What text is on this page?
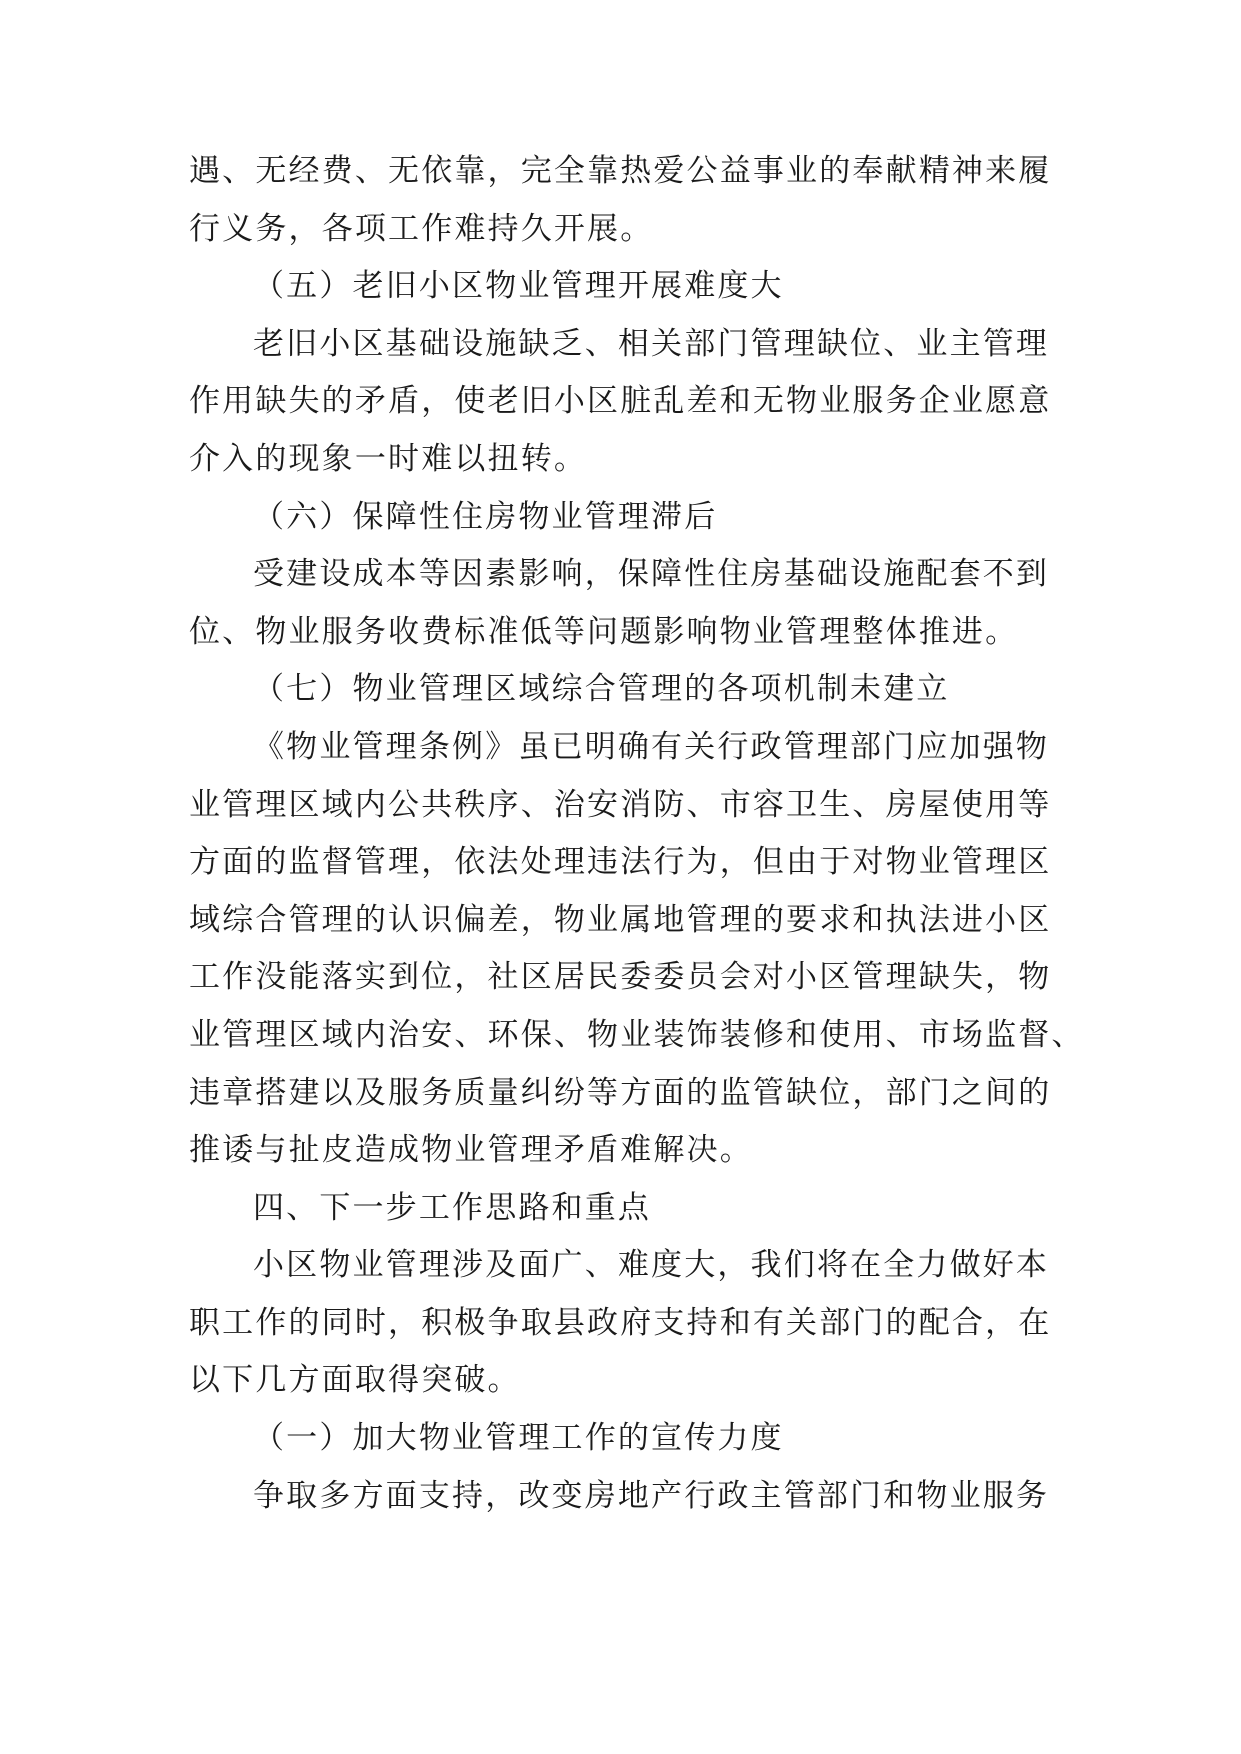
遇、无经费、无依靠，完全靠热爱公益事业的奉献精神来履
行义务，各项工作难持久开展。
（五）老旧小区物业管理开展难度大
老旧小区基础设施缺乏、相关部门管理缺位、业主管理
作用缺失的矛盾，使老旧小区脏乱差和无物业服务企业愿意
介入的现象一时难以扭转。
（六）保障性住房物业管理滞后
受建设成本等因素影响，保障性住房基础设施配套不到
位、物业服务收费标准低等问题影响物业管理整体推进。
（七）物业管理区域综合管理的各项机制未建立
《物业管理条例》虽已明确有关行政管理部门应加强物
业管理区域内公共秩序、治安消防、市容卫生、房屋使用等
方面的监督管理，依法处理违法行为，但由于对物业管理区
域综合管理的认识偏差，物业属地管理的要求和执法进小区
工作没能落实到位，社区居民委委员会对小区管理缺失，物
业管理区域内治安、环保、物业装饰装修和使用、市场监督、
违章搭建以及服务质量纠纷等方面的监管缺位，部门之间的
推诿与扯皮造成物业管理矛盾难解决。
四、下一步工作思路和重点
小区物业管理涉及面广、难度大，我们将在全力做好本
职工作的同时，积极争取县政府支持和有关部门的配合，在
以下几方面取得突破。
（一）加大物业管理工作的宣传力度
争取多方面支持，改变房地产行政主管部门和物业服务
